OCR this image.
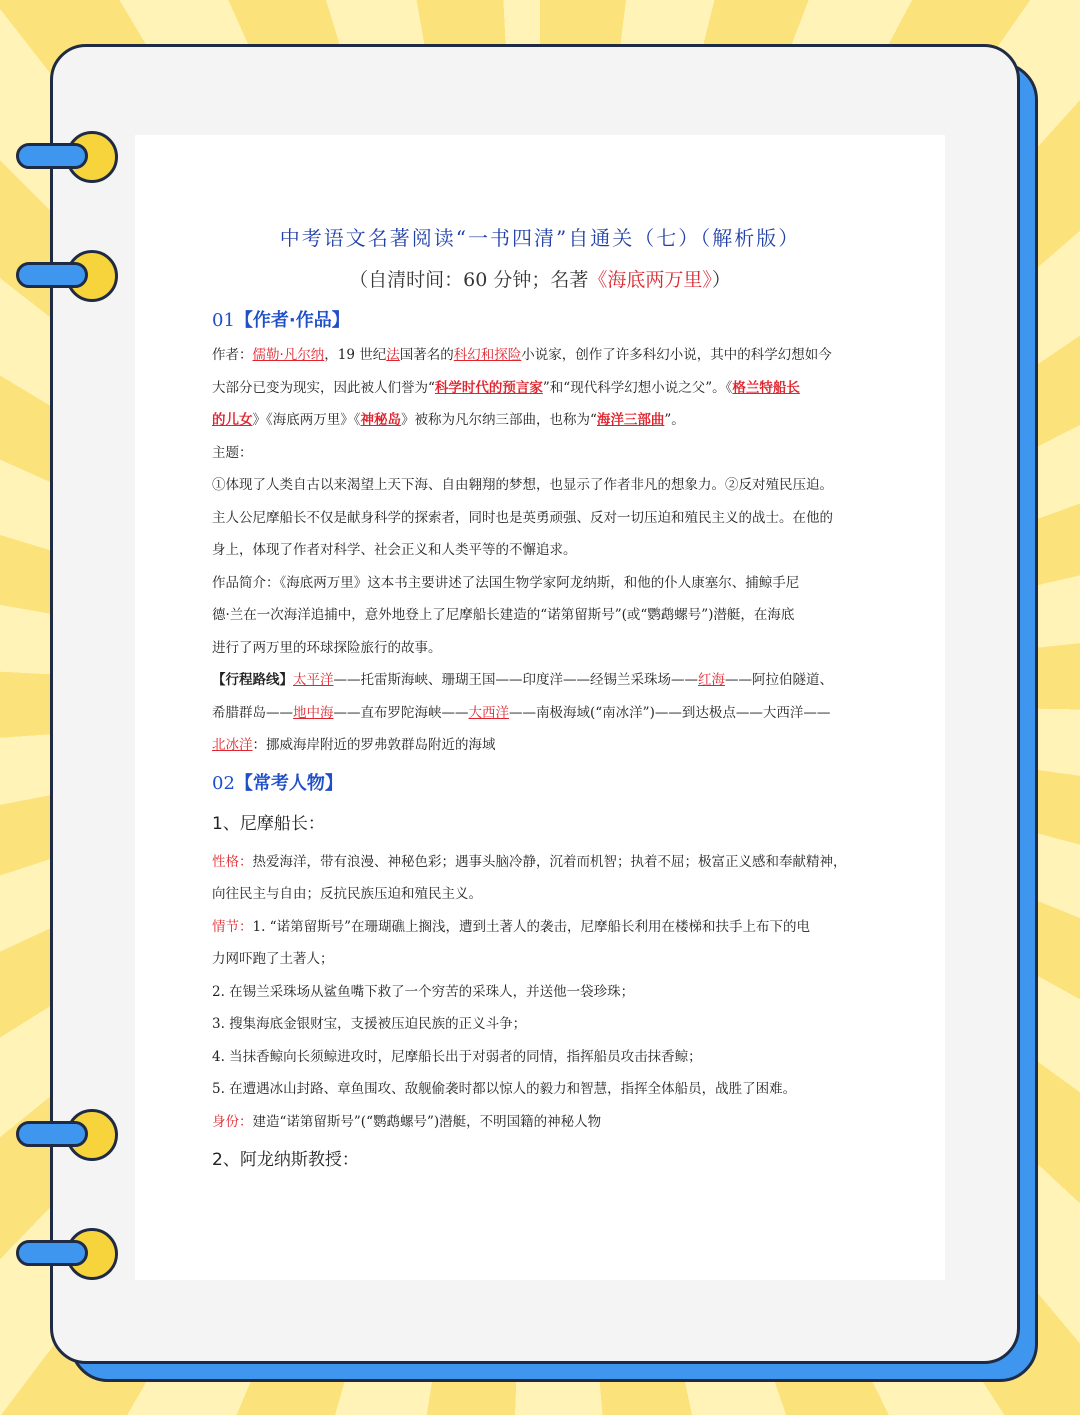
中考语文名著阅读“一书四清”自通关（七）（解析版）
（自清时间：60 分钟；名著《海底两万里》）
01【作者·作品】

作者：儒勒·凡尔纳，19 世纪法国著名的科幻和探险小说家，创作了许多科幻小说，其中的科学幻想如今

大部分已变为现实，因此被人们誉为“科学时代的预言家”和“现代科学幻想小说之父”。《格兰特船长

的儿女》《海底两万里》《神秘岛》被称为凡尔纳三部曲，也称为“海洋三部曲”。

主题：

①体现了人类自古以来渴望上天下海、自由翱翔的梦想，也显示了作者非凡的想象力。②反对殖民压迫。

主人公尼摩船长不仅是献身科学的探索者，同时也是英勇顽强、反对一切压迫和殖民主义的战士。在他的

身上，体现了作者对科学、社会正义和人类平等的不懈追求。

作品简介：《海底两万里》这本书主要讲述了法国生物学家阿龙纳斯，和他的仆人康塞尔、捕鲸手尼

德·兰在一次海洋追捕中，意外地登上了尼摩船长建造的“诺第留斯号”(或“鹦鹉螺号”)潜艇，在海底

进行了两万里的环球探险旅行的故事。

【行程路线】太平洋——托雷斯海峡、珊瑚王国——印度洋——经锡兰采珠场——红海——阿拉伯隧道、

希腊群岛——地中海——直布罗陀海峡——大西洋——南极海域(“南冰洋”)——到达极点——大西洋——

北冰洋：挪威海岸附近的罗弗敦群岛附近的海域

02【常考人物】
1、尼摩船长：

性格：热爱海洋，带有浪漫、神秘色彩；遇事头脑冷静，沉着而机智；执着不屈；极富正义感和奉献精神，

向往民主与自由；反抗民族压迫和殖民主义。

情节：1. “诺第留斯号”在珊瑚礁上搁浅，遭到土著人的袭击，尼摩船长利用在楼梯和扶手上布下的电

力网吓跑了土著人；

2. 在锡兰采珠场从鲨鱼嘴下救了一个穷苦的采珠人，并送他一袋珍珠；

3. 搜集海底金银财宝，支援被压迫民族的正义斗争；

4. 当抹香鲸向长须鲸进攻时，尼摩船长出于对弱者的同情，指挥船员攻击抹香鲸；

5. 在遭遇冰山封路、章鱼围攻、敌舰偷袭时都以惊人的毅力和智慧，指挥全体船员，战胜了困难。

身份：建造“诺第留斯号”(“鹦鹉螺号”)潜艇，不明国籍的神秘人物

2、阿龙纳斯教授：
